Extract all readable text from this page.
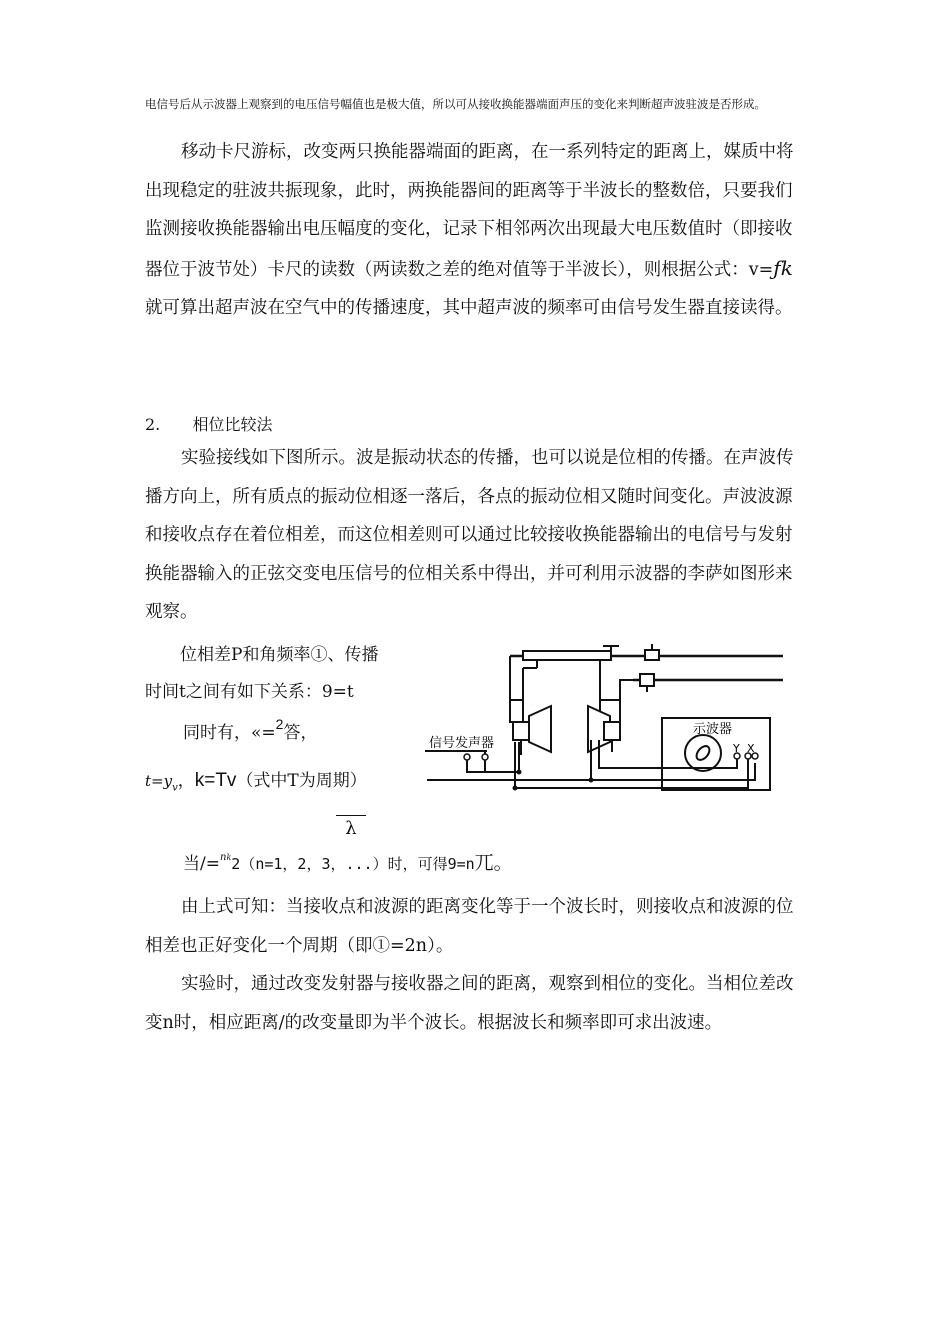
电信号后从示波器上观察到的电压信号幅值也是极大值，所以可从接收换能器端面声压的变化来判断超声波驻波是否形成。

移动卡尺游标，改变两只换能器端面的距离，在一系列特定的距离上，媒质中将出现稳定的驻波共振现象，此时，两换能器间的距离等于半波长的整数倍，只要我们监测接收换能器输出电压幅度的变化，记录下相邻两次出现最大电压数值时（即接收器位于波节处）卡尺的读数（两读数之差的绝对值等于半波长），则根据公式：v=ƒk就可算出超声波在空气中的传播速度，其中超声波的频率可由信号发生器直接读得。

2. 相位比较法

实验接线如下图所示。波是振动状态的传播，也可以说是位相的传播。在声波传播方向上，所有质点的振动位相逐一落后，各点的振动位相又随时间变化。声波波源和接收点存在着位相差，而这位相差则可以通过比较接收换能器输出的电信号与发射换能器输入的正弦交变电压信号的位相关系中得出，并可利用示波器的李萨如图形来观察。

位相差P和角频率①、传播
时间t之间有如下关系：9=t
同时有，«=$^2$答，
$t=y_v$，k=Tv（式中T为周期）
λ
当/=$^{nk}$2（n=1，2，3，...）时，可得9=n兀。

由上式可知：当接收点和波源的距离变化等于一个波长时，则接收点和波源的位相差也正好变化一个周期（即①=2n）。

实验时，通过改变发射器与接收器之间的距离，观察到相位的变化。当相位差改变n时，相应距离/的改变量即为半个波长。根据波长和频率即可求出波速。

示波器
信号发声器	Y X
